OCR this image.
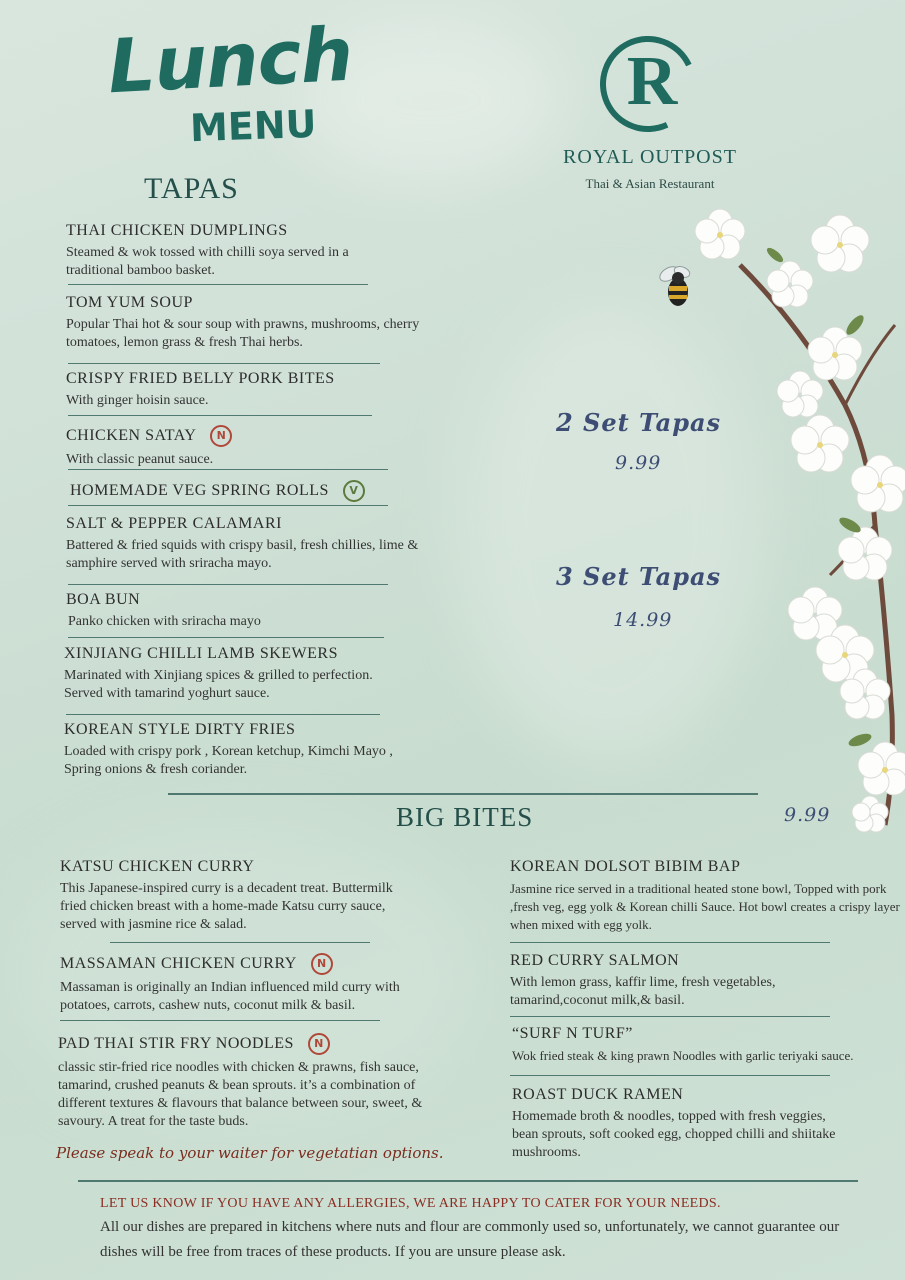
Lunch
MENU
R
ROYAL OUTPOST
Thai & Asian Restaurant
TAPAS
THAI CHICKEN DUMPLINGS
Steamed & wok tossed with chilli soya served in a traditional bamboo basket.
TOM YUM SOUP
Popular Thai hot & sour soup with prawns, mushrooms, cherry tomatoes, lemon grass & fresh Thai herbs.
CRISPY FRIED BELLY PORK BITES
With ginger hoisin sauce.
CHICKEN SATAY	N
With classic peanut sauce.
HOMEMADE VEG SPRING ROLLS	V
SALT & PEPPER CALAMARI
Battered & fried squids with crispy basil, fresh chillies, lime & samphire served with sriracha mayo.
BOA BUN
Panko chicken with sriracha mayo
XINJIANG CHILLI LAMB SKEWERS
Marinated with Xinjiang spices & grilled to perfection. Served with tamarind yoghurt sauce.
KOREAN STYLE DIRTY FRIES
Loaded with crispy pork , Korean ketchup, Kimchi Mayo , Spring onions & fresh coriander.
2 Set Tapas
9.99
3 Set Tapas
14.99
BIG BITES	9.99
KATSU CHICKEN CURRY
This Japanese-inspired curry is a decadent treat. Buttermilk fried chicken breast with a home-made Katsu curry sauce, served with jasmine rice & salad.
MASSAMAN CHICKEN CURRY	N
Massaman is originally an Indian influenced mild curry with potatoes, carrots, cashew nuts, coconut milk & basil.
PAD THAI STIR FRY NOODLES	N
classic stir-fried rice noodles with chicken & prawns, fish sauce, tamarind, crushed peanuts & bean sprouts. it’s a combination of different textures & flavours that balance between sour, sweet, & savoury. A treat for the taste buds.
Please speak to your waiter for vegetatian options.
KOREAN DOLSOT BIBIM BAP
Jasmine rice served in a traditional heated stone bowl, Topped with pork ,fresh veg, egg yolk & Korean chilli Sauce. Hot bowl creates a crispy layer when mixed with egg yolk.
RED CURRY SALMON
With lemon grass, kaffir lime, fresh vegetables, tamarind,coconut milk,& basil.
“SURF N TURF”
Wok fried steak & king prawn Noodles with garlic teriyaki sauce.
ROAST DUCK RAMEN
Homemade broth & noodles, topped with fresh veggies, bean sprouts, soft cooked egg, chopped chilli and shiitake mushrooms.
LET US KNOW IF YOU HAVE ANY ALLERGIES, WE ARE HAPPY TO CATER FOR YOUR NEEDS.
All our dishes are prepared in kitchens where nuts and flour are commonly used so, unfortunately, we cannot guarantee our dishes will be free from traces of these products. If you are unsure please ask.
